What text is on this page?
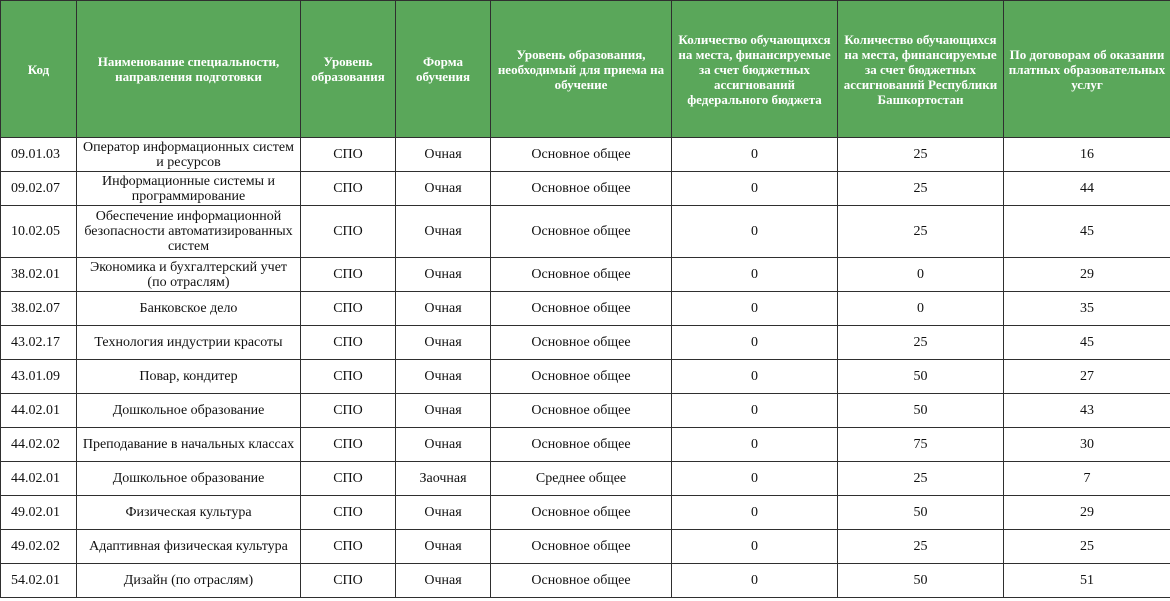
Код	Наименование специальности, направления подготовки	Уровень образования	Форма обучения	Уровень образования, необходимый для приема на обучение	Количество обучающихся на места, финансируемые за счет бюджетных ассигнований федерального бюджета	Количество обучающихся на места, финансируемые за счет бюджетных ассигнований Республики Башкортостан	По договорам об оказании платных образовательных услуг
09.01.03	Оператор информационных систем и ресурсов	СПО	Очная	Основное общее	0	25	16
09.02.07	Информационные системы и программирование	СПО	Очная	Основное общее	0	25	44
10.02.05	Обеспечение информационной безопасности автоматизированных систем	СПО	Очная	Основное общее	0	25	45
38.02.01	Экономика и бухгалтерский учет (по отраслям)	СПО	Очная	Основное общее	0	0	29
38.02.07	Банковское дело	СПО	Очная	Основное общее	0	0	35
43.02.17	Технология индустрии красоты	СПО	Очная	Основное общее	0	25	45
43.01.09	Повар, кондитер	СПО	Очная	Основное общее	0	50	27
44.02.01	Дошкольное образование	СПО	Очная	Основное общее	0	50	43
44.02.02	Преподавание в начальных классах	СПО	Очная	Основное общее	0	75	30
44.02.01	Дошкольное образование	СПО	Заочная	Среднее общее	0	25	7
49.02.01	Физическая культура	СПО	Очная	Основное общее	0	50	29
49.02.02	Адаптивная физическая культура	СПО	Очная	Основное общее	0	25	25
54.02.01	Дизайн (по отраслям)	СПО	Очная	Основное общее	0	50	51
